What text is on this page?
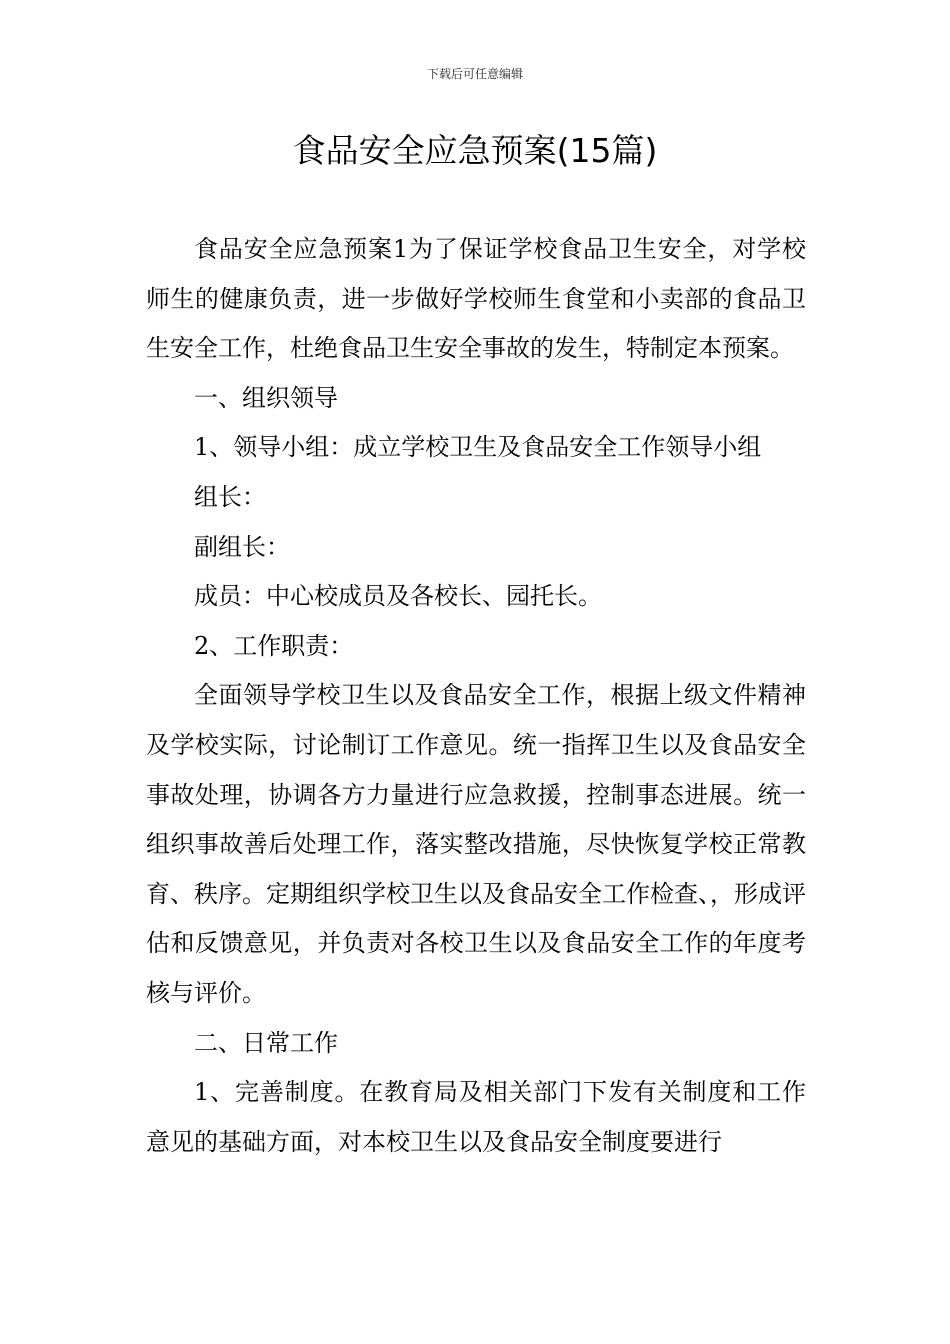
下载后可任意编辑
食品安全应急预案(15篇)

食品安全应急预案1为了保证学校食品卫生安全，对学校师生的健康负责，进一步做好学校师生食堂和小卖部的食品卫生安全工作，杜绝食品卫生安全事故的发生，特制定本预案。

一、组织领导

1、领导小组：成立学校卫生及食品安全工作领导小组

组长：

副组长：

成员：中心校成员及各校长、园托长。

2、工作职责：

全面领导学校卫生以及食品安全工作，根据上级文件精神及学校实际，讨论制订工作意见。统一指挥卫生以及食品安全事故处理，协调各方力量进行应急救援，控制事态进展。统一组织事故善后处理工作，落实整改措施，尽快恢复学校正常教育、秩序。定期组织学校卫生以及食品安全工作检查、，形成评估和反馈意见，并负责对各校卫生以及食品安全工作的年度考核与评价。

二、日常工作

1、完善制度。在教育局及相关部门下发有关制度和工作意见的基础方面，对本校卫生以及食品安全制度要进行
